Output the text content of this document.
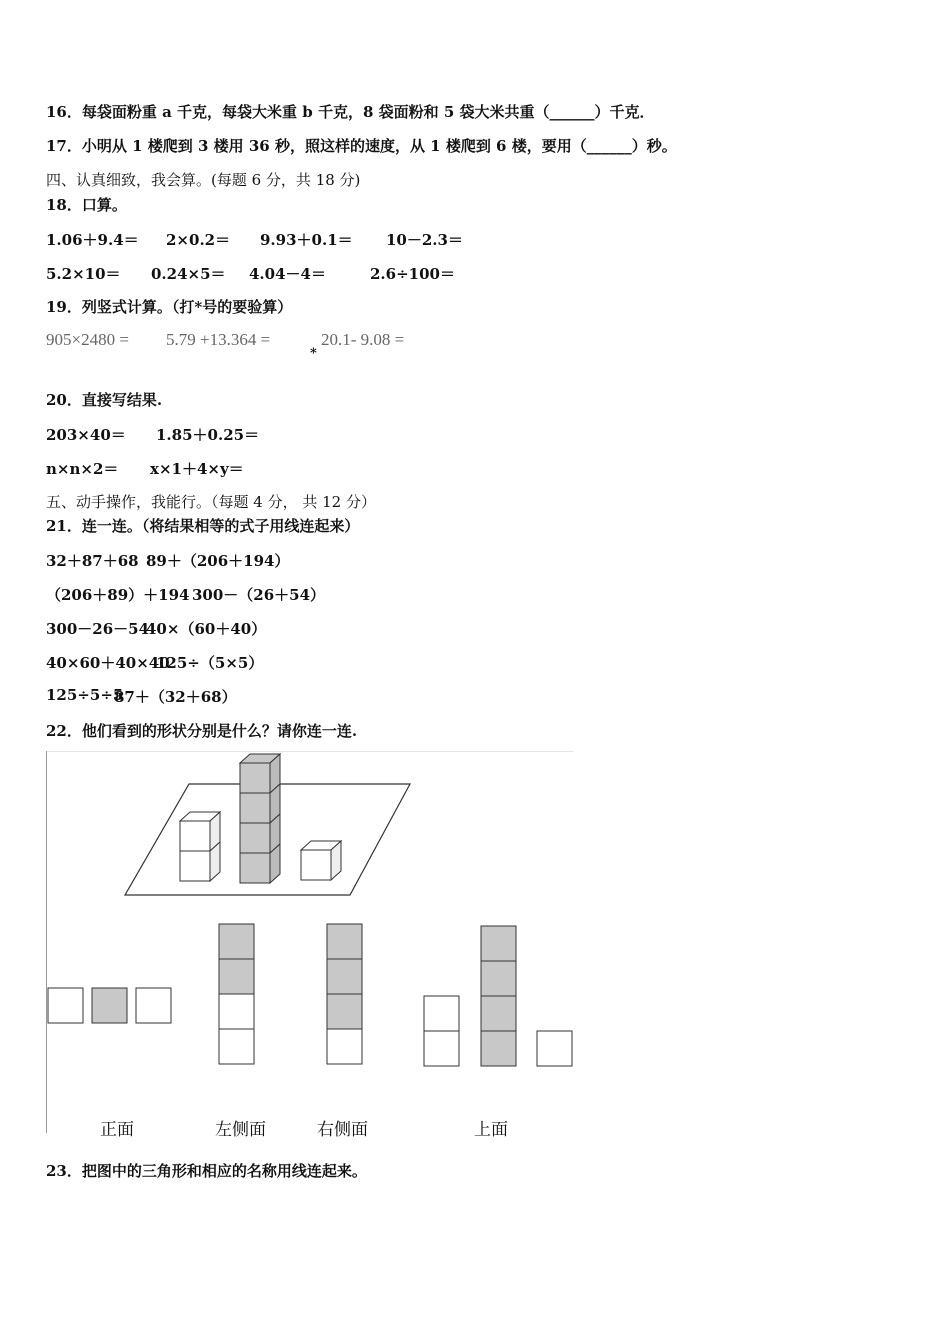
16．每袋面粉重 a 千克，每袋大米重 b 千克，8 袋面粉和 5 袋大米共重（______）千克．
17．小明从 1 楼爬到 3 楼用 36 秒，照这样的速度，从 1 楼爬到 6 楼，要用（______）秒。
四、认真细致，我会算。(每题 6 分，共 18 分)
18．口算。
1.06＋9.4＝ 2×0.2＝ 9.93＋0.1＝ 10－2.3＝
5.2×10＝ 0.24×5＝ 4.04－4＝	2.6÷100＝
19．列竖式计算。（打*号的要验算）
905×2480 = 5.79 +13.364 =	20.1- 9.08 =
*
20．直接写结果.
203×40＝ 1.85＋0.25＝
n×n×2＝ x×1＋4×y＝
五、动手操作，我能行。（每题 4 分， 共 12 分）
21．连一连。（将结果相等的式子用线连起来）
32＋87＋68 89＋（206＋194）
（206＋89）＋194 300－（26＋54）
300－26－54
40×（60＋40）
40×60＋40×40
125÷（5×5）
125÷5÷5
87＋（32＋68）
22．他们看到的形状分别是什么？请你连一连.
正面	左侧面	右侧面	上面
23．把图中的三角形和相应的名称用线连起来。
